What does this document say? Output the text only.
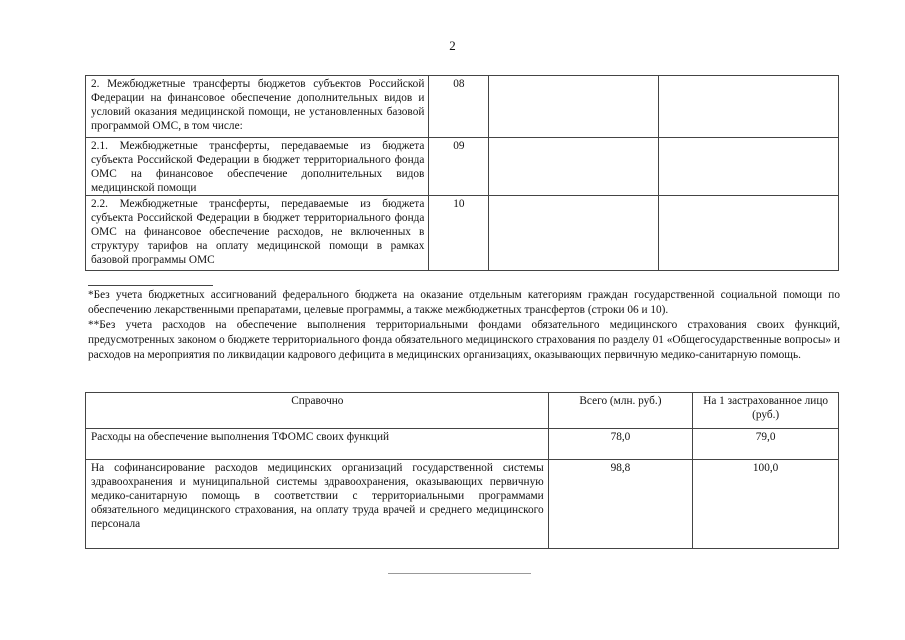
2
2. Межбюджетные трансферты бюджетов субъектов Российской Федерации на финансовое обеспечение дополнительных видов и условий оказания медицинской помощи, не установленных базовой программой ОМС, в том числе:	08		
2.1. Межбюджетные трансферты, передаваемые из бюджета субъекта Российской Федерации в бюджет территориального фонда ОМС на финансовое обеспечение дополнительных видов медицинской помощи	09		
2.2. Межбюджетные трансферты, передаваемые из бюджета субъекта Российской Федерации в бюджет территориального фонда ОМС на финансовое обеспечение расходов, не включенных в структуру тарифов на оплату медицинской помощи в рамках базовой программы ОМС	10		

*Без учета бюджетных ассигнований федерального бюджета на оказание отдельным категориям граждан государственной социальной помощи по обеспечению лекарственными препаратами, целевые программы, а также межбюджетных трансфертов (строки 06 и 10).

**Без учета расходов на обеспечение выполнения территориальными фондами обязательного медицинского страхования своих функций, предусмотренных законом о бюджете территориального фонда обязательного медицинского страхования по разделу 01 «Общегосударственные вопросы» и расходов на мероприятия по ликвидации кадрового дефицита в медицинских организациях, оказывающих первичную медико-санитарную помощь.

Справочно	Всего (млн. руб.)	На 1 застрахованное лицо (руб.)
Расходы на обеспечение выполнения ТФОМС своих функций	78,0	79,0
На софинансирование расходов медицинских организаций государственной системы здравоохранения и муниципальной системы здравоохранения, оказывающих первичную медико-санитарную помощь в соответствии с территориальными программами обязательного медицинского страхования, на оплату труда врачей и среднего медицинского персонала	98,8	100,0
